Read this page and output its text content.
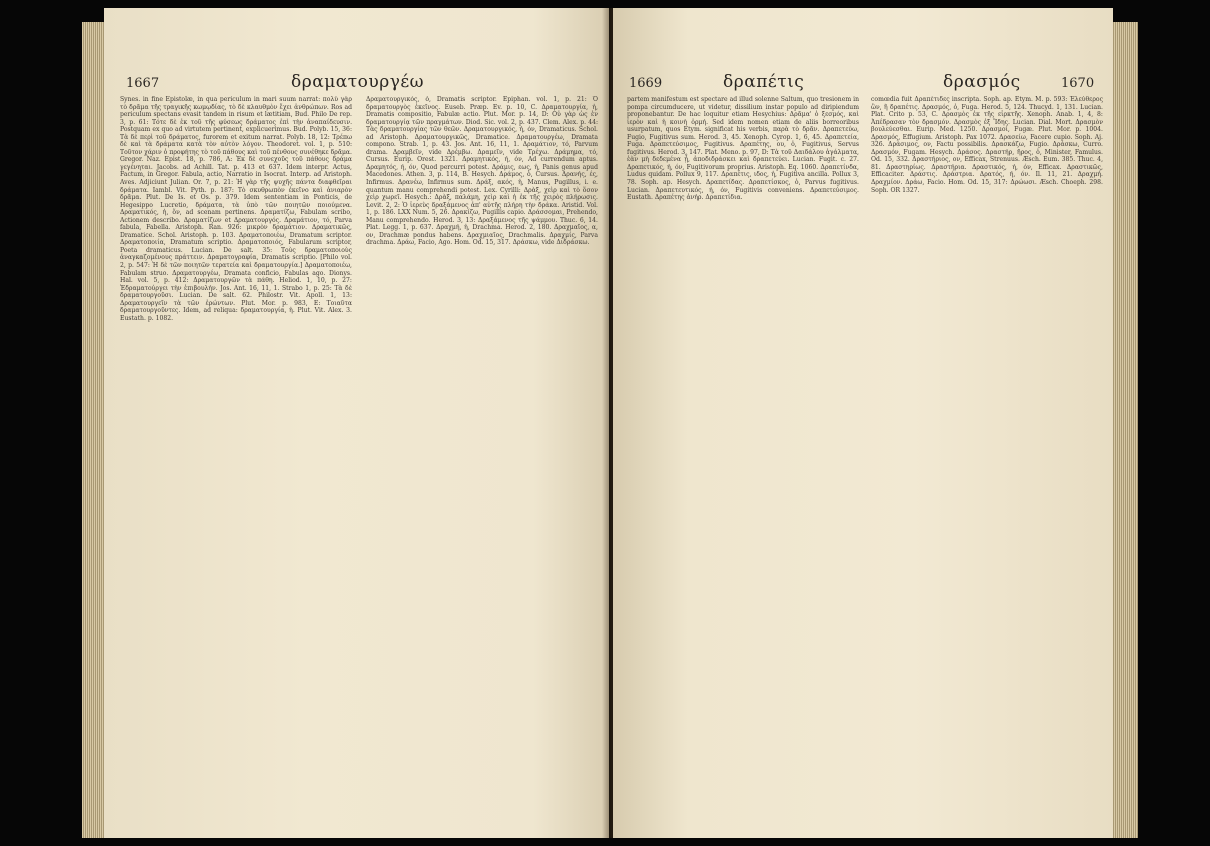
1667	δραματουργέω

Synes. in fine Epistolæ, in qua periculum in mari suum narrat: πολὺ γὰρ τὸ δρᾶμα τῆς τραγικῆς κωμῳδίας, τὸ δὲ κλαυθμὸν ἔχει ἀνθρώπων. Ros ad periculum spectans evasit tandem in risum et lætitiam, Bud. Philo De rep. 3, p. 61: Τότε δὲ ἐκ τοῦ τῆς φύσεως δράματος ἐπὶ τὴν ἀναπαίδευσιν. Postquam ex quo ad virtutem pertinent, explicuerimus. Bud. Polyb. 15, 36: Τὰ δὲ περὶ τοῦ δράματος, furorem et exitum narrat. Polyb. 18, 12: Τρέπω δὲ καὶ τὰ δράματα κατὰ τὸν αὐτὸν λόγον. Theodoret. vol. 1, p. 510: Τοῦτον χάριν ὁ προφήτης τὸ τοῦ πάθους καὶ τοῦ πένθους συνέθηκε δρᾶμα. Gregor. Naz. Epist. 18, p. 786, A: Ἐκ δὲ συνεχοῦς τοῦ πάθους δράμα γεγένηται. Jacobs. ad Achill. Tat. p. 413 et 637. Idem interpr. Actus, Factum, in Gregor. Fabula, actio, Narratio in Isocrat. Interp. ad Aristoph. Aves. Adjiciunt Julian. Or. 7, p. 21: Ἡ γὰρ τῆς ψυχῆς πάντα διαφθεῖραι δράματα. Iambl. Vit. Pyth. p. 187: Τὸ σκυθρωπὸν ἐκεῖνο καὶ ἀνιαρὸν δρᾶμα. Plut. De Is. et Os. p. 379. Idem sententiam in Ponticis, de Hegesippo Lucretio, δράματα, τὰ ὑπὸ τῶν ποιητῶν ποιούμενα. Δραματικός, ἡ, ὄν, ad scenam pertinens. Δραματίζω, Fabulam scribo, Actionem describo. Δραματίζων et Δραματουργός. Δραμάτιον, τό, Parva fabula, Fabella. Aristoph. Ran. 926: μικρὸν δραμάτιον. Δραματικῶς, Dramatice. Schol. Aristoph. p. 103. Δραματοποιέω, Dramatum scriptor. Δραματοποιία, Dramatum scriptio. Δραματοποιός, Fabularum scriptor, Poeta dramaticus. Lucian. De salt. 35: Τοὺς δραματοποιοὺς ἀναγκαζομένους πράττειν. Δραματογραφία, Dramatis scriptio. [Philo vol. 2, p. 547: Ἡ δὲ τῶν ποιητῶν τερατεία καὶ δραματουργία.] Δραματοποιέω, Fabulam struo. Δραματουργέω, Dramata conficio, Fabulas ago. Dionys. Hal. vol. 5, p. 412: Δραματουργῶν τὰ πάθη. Heliod. 1, 10, p. 27: Ἐδραματούργει τὴν ἐπιβουλήν. Jos. Ant. 16, 11, 1. Strabo 1, p. 25: Τὰ δὲ δραματουργοῦσι. Lucian. De salt. 62. Philostr. Vit. Apoll. 1, 13: Δραματουργεῖν τὰ τῶν ἐρώντων. Plut. Mor. p. 983, E: Τοιαῦτα δραματουργοῦντες. Idem, ad reliqua: δραματουργία, ἡ. Plut. Vit. Alex. 3. Eustath. p. 1082.

Δραματουργικός, ὁ, Dramatis scriptor. Epiphan. vol. 1, p. 21: Ὁ δραματουργὸς ἐκεῖνος. Euseb. Præp. Ev. p. 10, C. Δραματουργία, ἡ, Dramatis compositio, Fabulæ actio. Plut. Mor. p. 14, D: Οὐ γὰρ ὡς ἐν δραματουργίᾳ τῶν πραγμάτων. Diod. Sic. vol. 2, p. 437. Clem. Alex. p. 44: Τὰς δραματουργίας τῶν θεῶν. Δραματουργικός, ή, όν, Dramaticus. Schol. ad Aristoph. Δραματουργικῶς, Dramatice. Δραματουργέω, Dramata compono. Strab. 1, p. 43. Jos. Ant. 16, 11, 1. Δραμάτιον, τό, Parvum drama. Δραμβεῖν, vide Δρέμβω. Δραμεῖν, vide Τρέχω. Δράμημα, τό, Cursus. Eurip. Orest. 1321. Δραμητικός, ή, όν, Ad currendum aptus. Δραμητός, ή, όν, Quod percurri potest. Δράμις, εως, ἡ, Panis genus apud Macedones. Athen. 3, p. 114, B. Hesych. Δράμος, ὁ, Cursus. Δρανής, ές, Infirmus. Δρανέω, Infirmus sum. Δράξ, ακός, ἡ, Manus, Pugillus, i. e. quantum manu comprehendi potest. Lex. Cyrilli: Δρὰξ, χεὶρ καὶ τὸ ὅσον χεὶρ χωρεῖ. Hesych.: Δρὰξ, παλάμη, χεὶρ καὶ ἡ ἐκ τῆς χειρὸς πλήρωσις. Levit. 2, 2: Ὁ ἱερεὺς δραξάμενος ἀπ' αὐτῆς πλήρη τὴν δράκα. Aristid. Vol. 1, p. 186. LXX Num. 5, 26. Δρακίζω, Pugillis capio. Δράσσομαι, Prehendo, Manu comprehendo. Herod. 3, 13: Δραξάμενος τῆς ψάμμου. Thuc. 6, 14. Plat. Legg. 1, p. 637. Δραχμή, ἡ, Drachma. Herod. 2, 180. Δραχμαῖος, α, ον, Drachmæ pondus habens. Δραχμιαῖος, Drachmalis. Δραχμίς, Parva drachma. Δράω, Facio, Ago. Hom. Od. 15, 317. Δράσκω, vide Διδράσκω.

1669	δραπέτις	δρασμός	1670

partem manifestum est spectare ad illud solenne Saltum, quo tresionem in pompa circumducere, ut videtur, dissilium instar populo ad diripiendum proponebantur. De hac loquitur etiam Hesychius: Δρᾶμα' ὁ ξεσμός, καὶ ἱερὸν καὶ ἡ κοινὴ ὁρμή. Sed idem nomen etiam de aliis borreoribus usurpatum, quos Etym. significat his verbis, παρὰ τὸ δρᾶν. Δραπετεύω, Fugio, Fugitivus sum. Herod. 3, 45. Xenoph. Cyrop. 1, 6, 45. Δραπετεία, Fuga. Δραπετεύσιμος, Fugitivus. Δραπέτης, ου, ὁ, Fugitivus, Servus fugitivus. Herod. 3, 147. Plat. Meno. p. 97, D: Τὰ τοῦ Δαιδάλου ἀγάλματα, ἐὰν μὴ δεδεμένα ᾖ, ἀποδιδράσκει καὶ δραπετεύει. Lucian. Fugit. c. 27. Δραπετικός, ή, όν, Fugitivorum proprius. Aristoph. Eq. 1060. Δραπετίνδα, Ludus quidam. Pollux 9, 117. Δραπέτις, ιδος, ἡ, Fugitiva ancilla. Pollux 3, 78. Soph. ap. Hesych. Δραπετίδας. Δραπετίσκος, ὁ, Parvus fugitivus. Lucian. Δραπετευτικός, ή, όν, Fugitivis conveniens. Δραπετεύσιμος. Eustath. Δραπέτης ἀνήρ. Δραπετίδια.

comœdia fuit Δραπέτιδες inscripta. Soph. ap. Etym. M. p. 593: Ἐλεύθερος ὢν, ἢ δραπέτις. Δρασμός, ὁ, Fuga. Herod. 5, 124. Thucyd. 1, 131. Lucian. Plat. Crito p. 53, C. Δρασμὸς ἐκ τῆς εἱρκτῆς. Xenoph. Anab. 1, 4, 8: Ἀπέδρασαν τὸν δρασμόν. Δρασμὸς ἐξ Ἴδης. Lucian. Dial. Mort. Δρασμὸν βουλεύεσθαι. Eurip. Med. 1250. Δρασμοί, Fugæ. Plut. Mor. p. 1004. Δρασμός, Effugium. Aristoph. Pax 1072. Δρασείω, Facere cupio. Soph. Aj. 326. Δράσιμος, ον, Factu possibilis. Δρασκάζω, Fugio. Δράσκω, Curro. Δρασμόν, Fugam. Hesych. Δράσος. Δραστήρ, ῆρος, ὁ, Minister, Famulus. Od. 15, 332. Δραστήριος, ον, Efficax, Strenuus. Æsch. Eum. 385. Thuc. 4, 81. Δραστηρίως. Δραστήρια. Δραστικός, ή, όν, Efficax. Δραστικῶς, Efficaciter. Δράστις. Δράστρια. Δρατός, ή, όν. Il. 11, 21. Δραχμή. Δραχμίον. Δράω, Facio. Hom. Od. 15, 317: Δρώωσι. Æsch. Choeph. 298. Soph. OR 1327.
